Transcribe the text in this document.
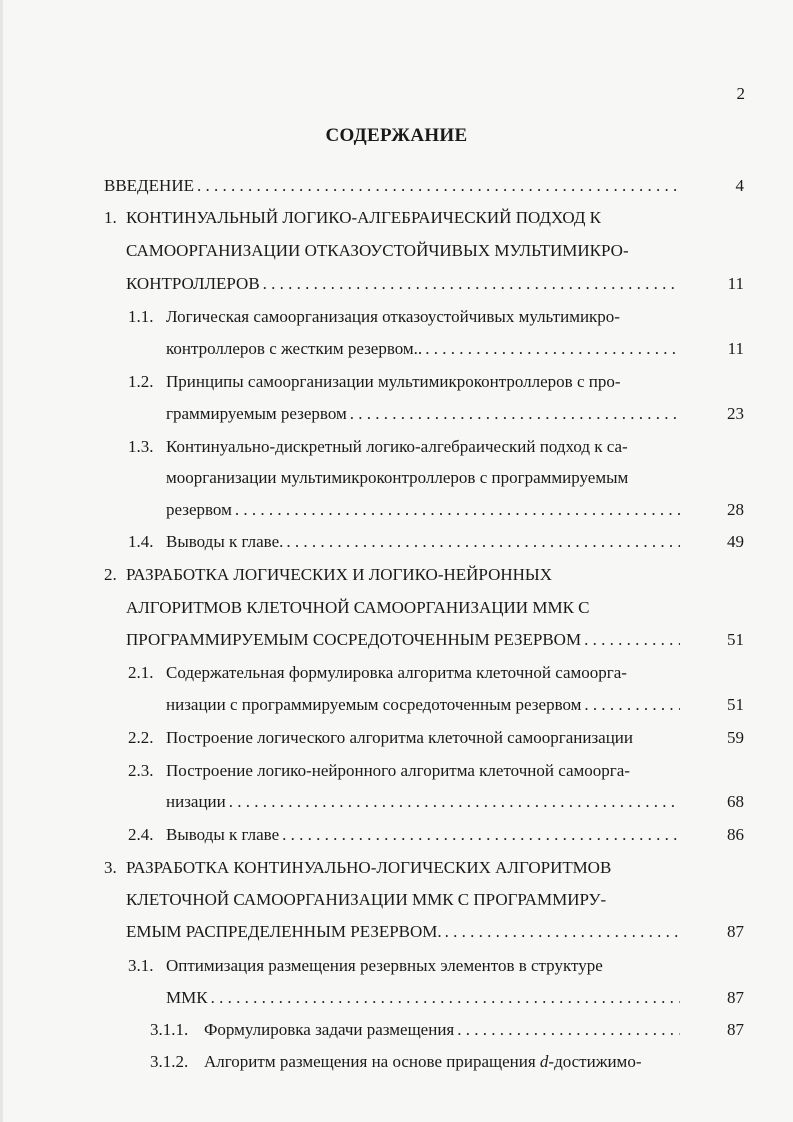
2
СОДЕРЖАНИЕ
ВВЕДЕНИЕ . . .	4
1. КОНТИНУАЛЬНЫЙ ЛОГИКО-АЛГЕБРАИЧЕСКИЙ ПОДХОД К
САМООРГАНИЗАЦИИ ОТКАЗОУСТОЙЧИВЫХ МУЛЬТИМИКРО-
КОНТРОЛЛЕРОВ . . .	11
1.1. Логическая самоорганизация отказоустойчивых мультимикро-
контроллеров с жестким резервом.. . . .	11
1.2. Принципы самоорганизации мультимикроконтроллеров с про-
граммируемым резервом . . .	23
1.3. Континуально-дискретный логико-алгебраический подход к са-
моорганизации мультимикроконтроллеров с программируемым
резервом . . .	28
1.4. Выводы к главе. . . .	49
2. РАЗРАБОТКА ЛОГИЧЕСКИХ И ЛОГИКО-НЕЙРОННЫХ
АЛГОРИТМОВ КЛЕТОЧНОЙ САМООРГАНИЗАЦИИ ММК С
ПРОГРАММИРУЕМЫМ СОСРЕДОТОЧЕННЫМ РЕЗЕРВОМ . . .	51
2.1. Содержательная формулировка алгоритма клеточной самоорга-
низации с программируемым сосредоточенным резервом . . .	51
2.2. Построение логического алгоритма клеточной самоорганизации	59
2.3. Построение логико-нейронного алгоритма клеточной самоорга-
низации . . .	68
2.4. Выводы к главе . . .	86
3. РАЗРАБОТКА КОНТИНУАЛЬНО-ЛОГИЧЕСКИХ АЛГОРИТМОВ
КЛЕТОЧНОЙ САМООРГАНИЗАЦИИ ММК С ПРОГРАММИРУ-
ЕМЫМ РАСПРЕДЕЛЕННЫМ РЕЗЕРВОМ. . . .	87
3.1. Оптимизация размещения резервных элементов в структуре
ММК . . .	87
3.1.1. Формулировка задачи размещения . . .	87
3.1.2. Алгоритм размещения на основе приращения d-достижимо-
